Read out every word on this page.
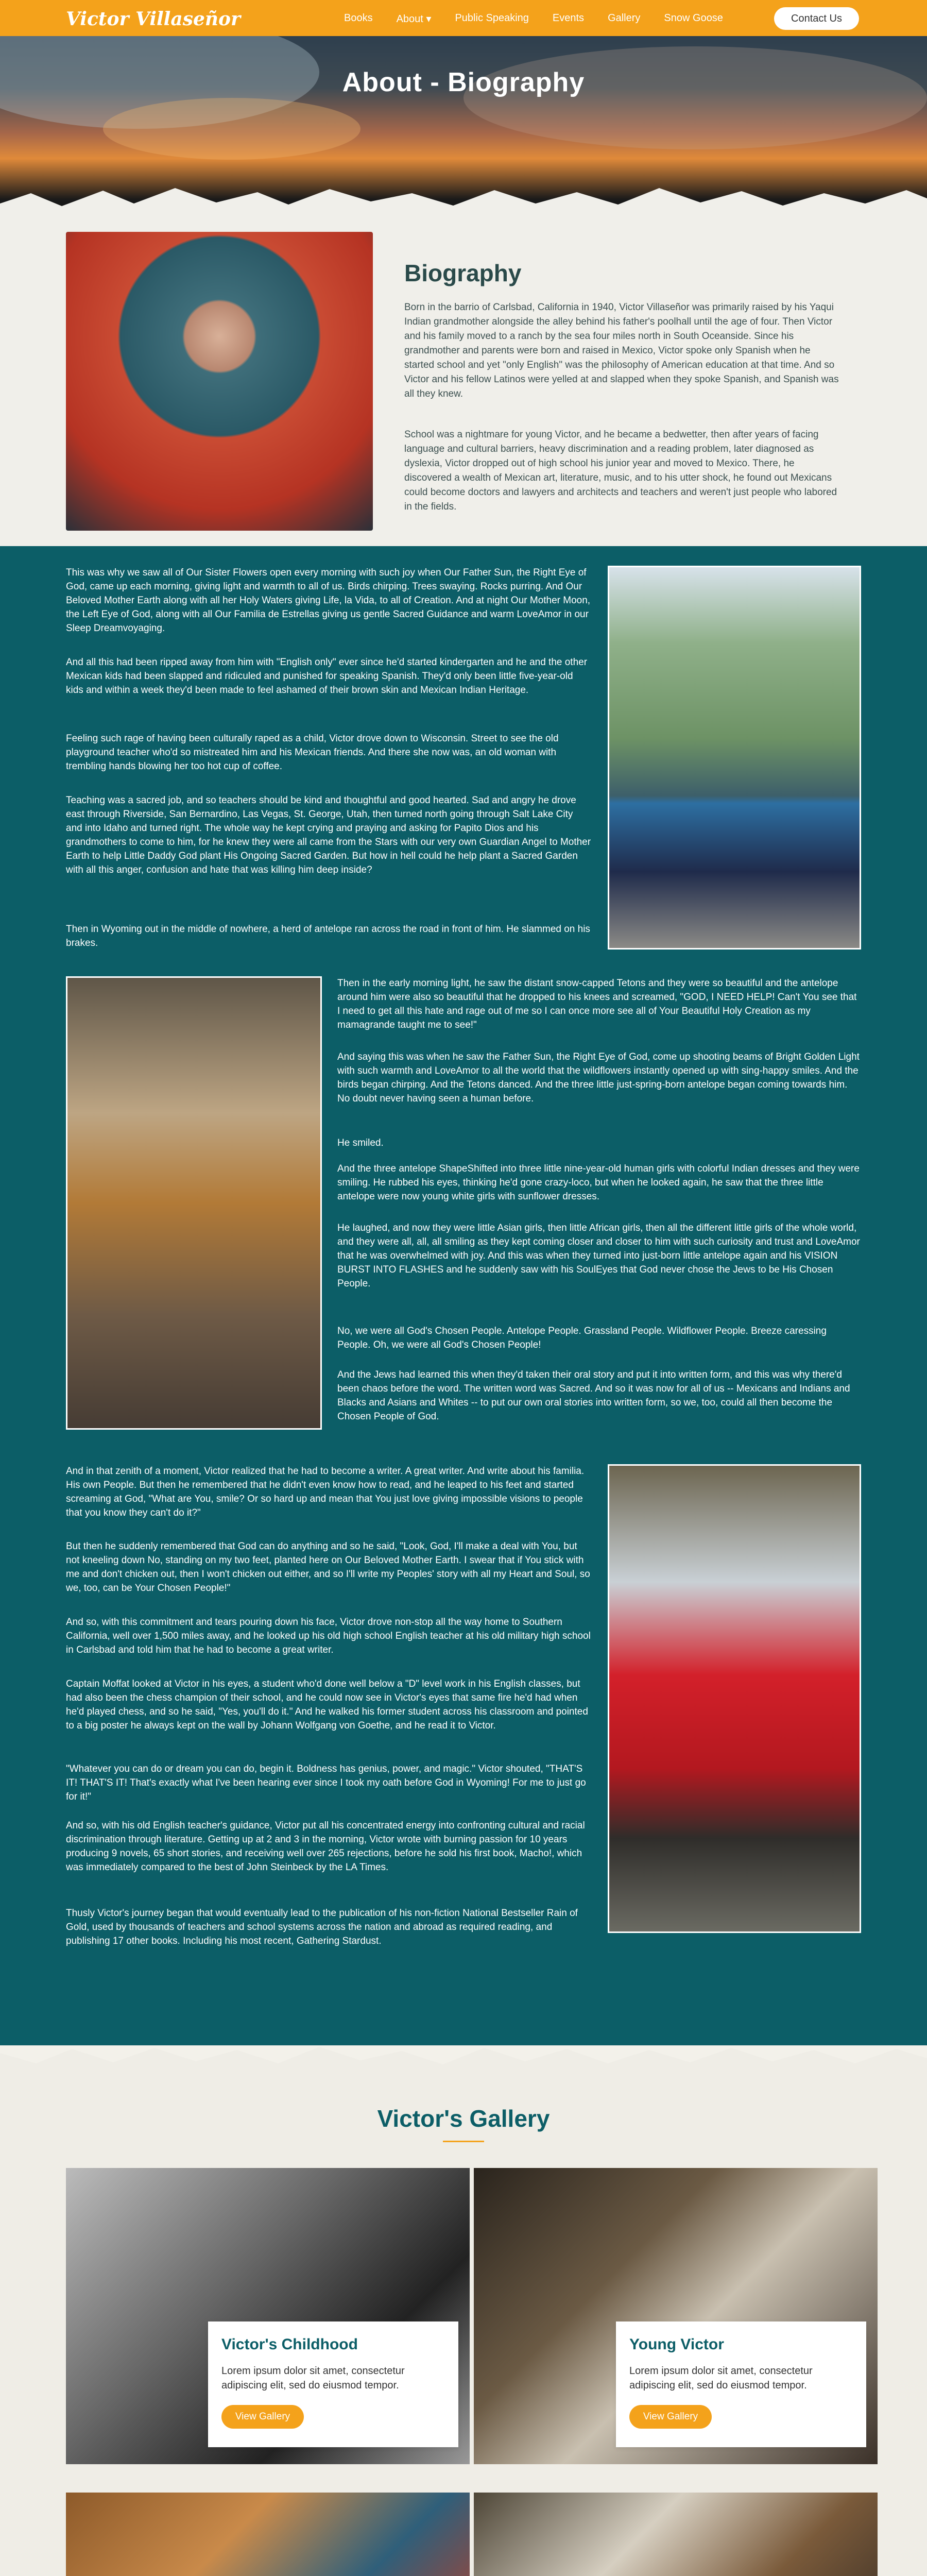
Victor Villaseñor	Books About ▾ Public Speaking Events Gallery Snow Goose	Contact Us
About - Biography
Biography
Born in the barrio of Carlsbad, California in 1940, Victor Villaseñor was primarily raised by his Yaqui Indian grandmother alongside the alley behind his father's poolhall until the age of four. Then Victor and his family moved to a ranch by the sea four miles north in South Oceanside. Since his grandmother and parents were born and raised in Mexico, Victor spoke only Spanish when he started school and yet "only English" was the philosophy of American education at that time. And so Victor and his fellow Latinos were yelled at and slapped when they spoke Spanish, and Spanish was all they knew.
School was a nightmare for young Victor, and he became a bedwetter, then after years of facing language and cultural barriers, heavy discrimination and a reading problem, later diagnosed as dyslexia, Victor dropped out of high school his junior year and moved to Mexico. There, he discovered a wealth of Mexican art, literature, music, and to his utter shock, he found out Mexicans could become doctors and lawyers and architects and teachers and weren't just people who labored in the fields.
This was why we saw all of Our Sister Flowers open every morning with such joy when Our Father Sun, the Right Eye of God, came up each morning, giving light and warmth to all of us. Birds chirping. Trees swaying. Rocks purring. And Our Beloved Mother Earth along with all her Holy Waters giving Life, la Vida, to all of Creation. And at night Our Mother Moon, the Left Eye of God, along with all Our Familia de Estrellas giving us gentle Sacred Guidance and warm LoveAmor in our Sleep Dreamvoyaging.
And all this had been ripped away from him with "English only" ever since he'd started kindergarten and he and the other Mexican kids had been slapped and ridiculed and punished for speaking Spanish. They'd only been little five-year-old kids and within a week they'd been made to feel ashamed of their brown skin and Mexican Indian Heritage.
Feeling such rage of having been culturally raped as a child, Victor drove down to Wisconsin. Street to see the old playground teacher who'd so mistreated him and his Mexican friends. And there she now was, an old woman with trembling hands blowing her too hot cup of coffee.
Teaching was a sacred job, and so teachers should be kind and thoughtful and good hearted. Sad and angry he drove east through Riverside, San Bernardino, Las Vegas, St. George, Utah, then turned north going through Salt Lake City and into Idaho and turned right. The whole way he kept crying and praying and asking for Papito Dios and his grandmothers to come to him, for he knew they were all came from the Stars with our very own Guardian Angel to Mother Earth to help Little Daddy God plant His Ongoing Sacred Garden. But how in hell could he help plant a Sacred Garden with all this anger, confusion and hate that was killing him deep inside?
Then in Wyoming out in the middle of nowhere, a herd of antelope ran across the road in front of him. He slammed on his brakes.
Then in the early morning light, he saw the distant snow-capped Tetons and they were so beautiful and the antelope around him were also so beautiful that he dropped to his knees and screamed, "GOD, I NEED HELP! Can't You see that I need to get all this hate and rage out of me so I can once more see all of Your Beautiful Holy Creation as my mamagrande taught me to see!"
And saying this was when he saw the Father Sun, the Right Eye of God, come up shooting beams of Bright Golden Light with such warmth and LoveAmor to all the world that the wildflowers instantly opened up with sing-happy smiles. And the birds began chirping. And the Tetons danced. And the three little just-spring-born antelope began coming towards him. No doubt never having seen a human before.
He smiled.
And the three antelope ShapeShifted into three little nine-year-old human girls with colorful Indian dresses and they were smiling. He rubbed his eyes, thinking he'd gone crazy-loco, but when he looked again, he saw that the three little antelope were now young white girls with sunflower dresses.
He laughed, and now they were little Asian girls, then little African girls, then all the different little girls of the whole world, and they were all, all, all smiling as they kept coming closer and closer to him with such curiosity and trust and LoveAmor that he was overwhelmed with joy. And this was when they turned into just-born little antelope again and his VISION BURST INTO FLASHES and he suddenly saw with his SoulEyes that God never chose the Jews to be His Chosen People.
No, we were all God's Chosen People. Antelope People. Grassland People. Wildflower People. Breeze caressing People. Oh, we were all God's Chosen People!
And the Jews had learned this when they'd taken their oral story and put it into written form, and this was why there'd been chaos before the word. The written word was Sacred. And so it was now for all of us -- Mexicans and Indians and Blacks and Asians and Whites -- to put our own oral stories into written form, so we, too, could all then become the Chosen People of God.
And in that zenith of a moment, Victor realized that he had to become a writer. A great writer. And write about his familia. His own People. But then he remembered that he didn't even know how to read, and he leaped to his feet and started screaming at God, "What are You, smile? Or so hard up and mean that You just love giving impossible visions to people that you know they can't do it?"
But then he suddenly remembered that God can do anything and so he said, "Look, God, I'll make a deal with You, but not kneeling down No, standing on my two feet, planted here on Our Beloved Mother Earth. I swear that if You stick with me and don't chicken out, then I won't chicken out either, and so I'll write my Peoples' story with all my Heart and Soul, so we, too, can be Your Chosen People!"
And so, with this commitment and tears pouring down his face, Victor drove non-stop all the way home to Southern California, well over 1,500 miles away, and he looked up his old high school English teacher at his old military high school in Carlsbad and told him that he had to become a great writer.
Captain Moffat looked at Victor in his eyes, a student who'd done well below a "D" level work in his English classes, but had also been the chess champion of their school, and he could now see in Victor's eyes that same fire he'd had when he'd played chess, and so he said, "Yes, you'll do it." And he walked his former student across his classroom and pointed to a big poster he always kept on the wall by Johann Wolfgang von Goethe, and he read it to Victor.
"Whatever you can do or dream you can do, begin it. Boldness has genius, power, and magic." Victor shouted, "THAT'S IT! THAT'S IT! That's exactly what I've been hearing ever since I took my oath before God in Wyoming! For me to just go for it!"
And so, with his old English teacher's guidance, Victor put all his concentrated energy into confronting cultural and racial discrimination through literature. Getting up at 2 and 3 in the morning, Victor wrote with burning passion for 10 years producing 9 novels, 65 short stories, and receiving well over 265 rejections, before he sold his first book, Macho!, which was immediately compared to the best of John Steinbeck by the LA Times.
Thusly Victor's journey began that would eventually lead to the publication of his non-fiction National Bestseller Rain of Gold, used by thousands of teachers and school systems across the nation and abroad as required reading, and publishing 17 other books. Including his most recent, Gathering Stardust.
Victor's Gallery
Victor's Childhood
Lorem ipsum dolor sit amet, consectetur adipiscing elit, sed do eiusmod tempor.
View Gallery
Young Victor
Lorem ipsum dolor sit amet, consectetur adipiscing elit, sed do eiusmod tempor.
View Gallery
